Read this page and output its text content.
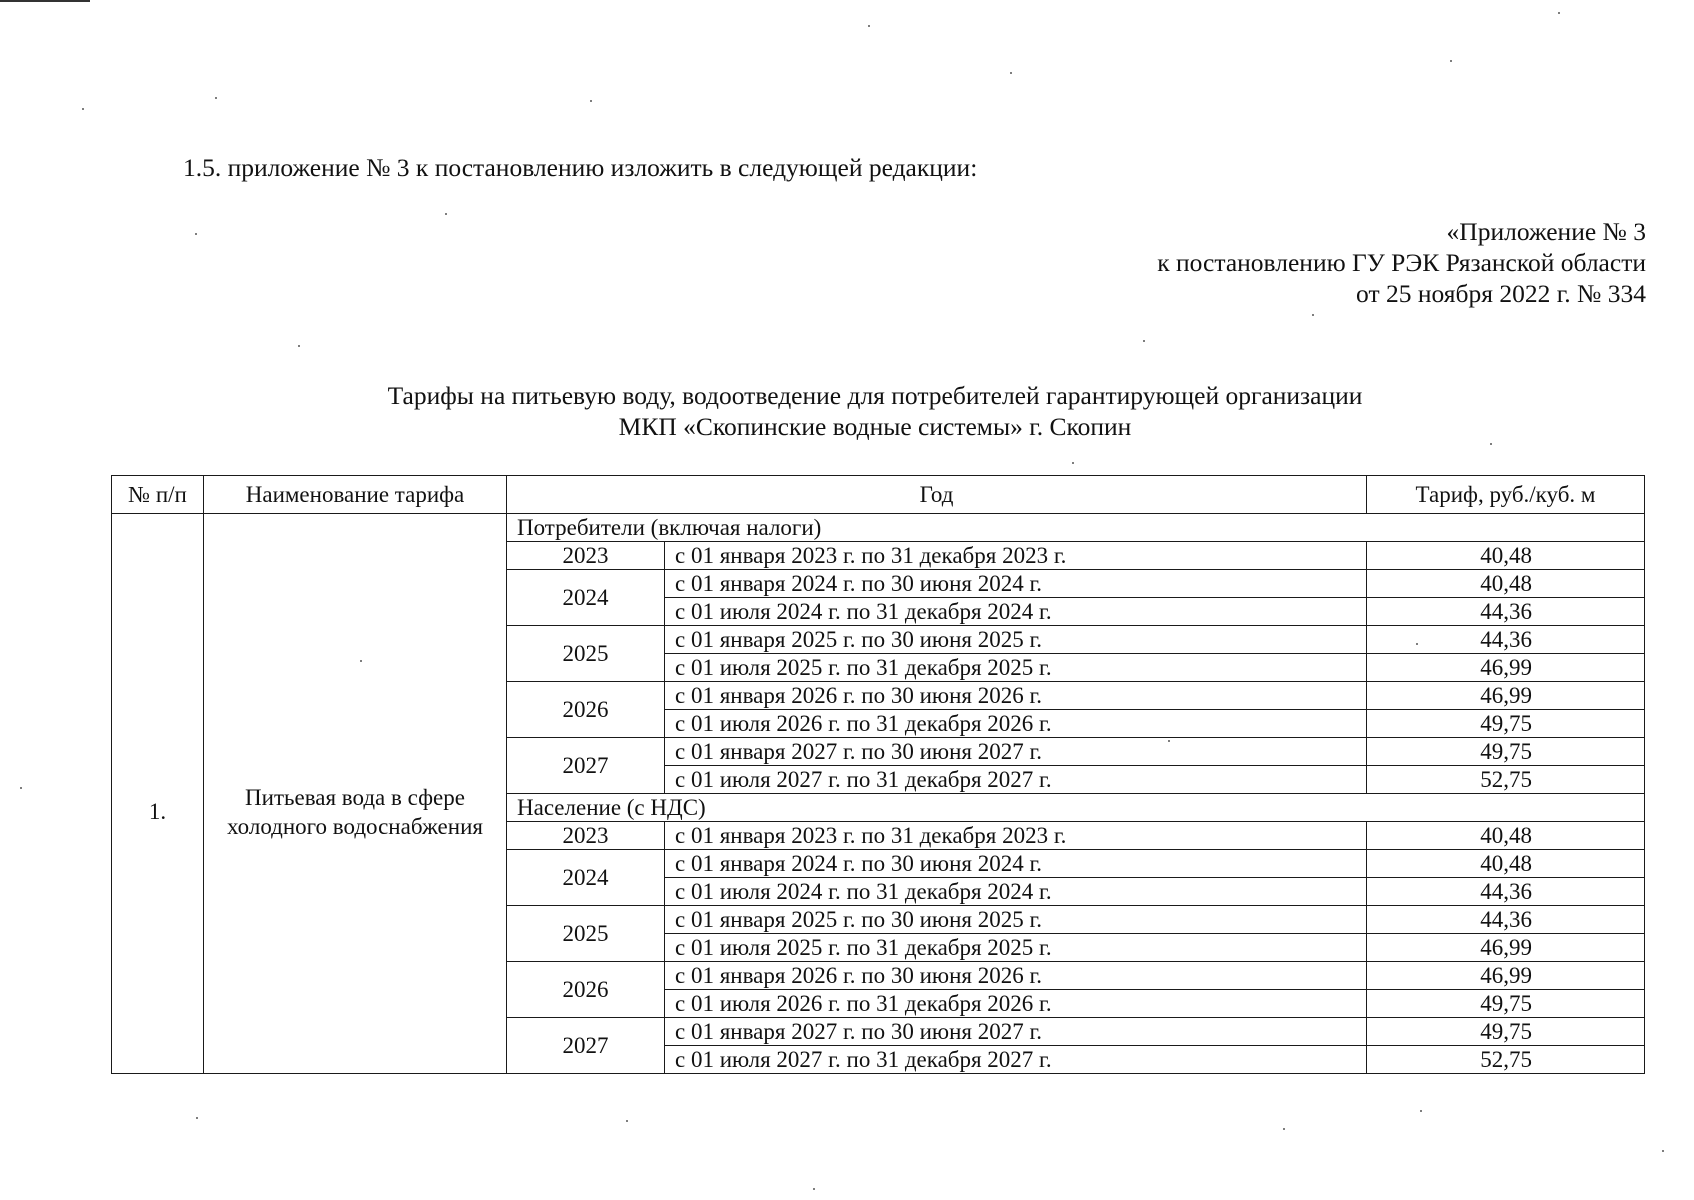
1.5. приложение № 3 к постановлению изложить в следующей редакции:
«Приложение № 3
к постановлению ГУ РЭК Рязанской области
от 25 ноября 2022 г. № 334
Тарифы на питьевую воду, водоотведение для потребителей гарантирующей организации
МКП «Скопинские водные системы» г. Скопин
№ п/п	Наименование тарифа	Год		Тариф, руб./куб. м
1.	Питьевая вода в сфере холодного водоснабжения	Потребители (включая налоги)		
		2023	с 01 января 2023 г. по 31 декабря 2023 г.	40,48
		2024	с 01 января 2024 г. по 30 июня 2024 г.	40,48
			с 01 июля 2024 г. по 31 декабря 2024 г.	44,36
		2025	с 01 января 2025 г. по 30 июня 2025 г.	44,36
			с 01 июля 2025 г. по 31 декабря 2025 г.	46,99
		2026	с 01 января 2026 г. по 30 июня 2026 г.	46,99
			с 01 июля 2026 г. по 31 декабря 2026 г.	49,75
		2027	с 01 января 2027 г. по 30 июня 2027 г.	49,75
			с 01 июля 2027 г. по 31 декабря 2027 г.	52,75
		Население (с НДС)		
		2023	с 01 января 2023 г. по 31 декабря 2023 г.	40,48
		2024	с 01 января 2024 г. по 30 июня 2024 г.	40,48
			с 01 июля 2024 г. по 31 декабря 2024 г.	44,36
		2025	с 01 января 2025 г. по 30 июня 2025 г.	44,36
			с 01 июля 2025 г. по 31 декабря 2025 г.	46,99
		2026	с 01 января 2026 г. по 30 июня 2026 г.	46,99
			с 01 июля 2026 г. по 31 декабря 2026 г.	49,75
		2027	с 01 января 2027 г. по 30 июня 2027 г.	49,75
			с 01 июля 2027 г. по 31 декабря 2027 г.	52,75
